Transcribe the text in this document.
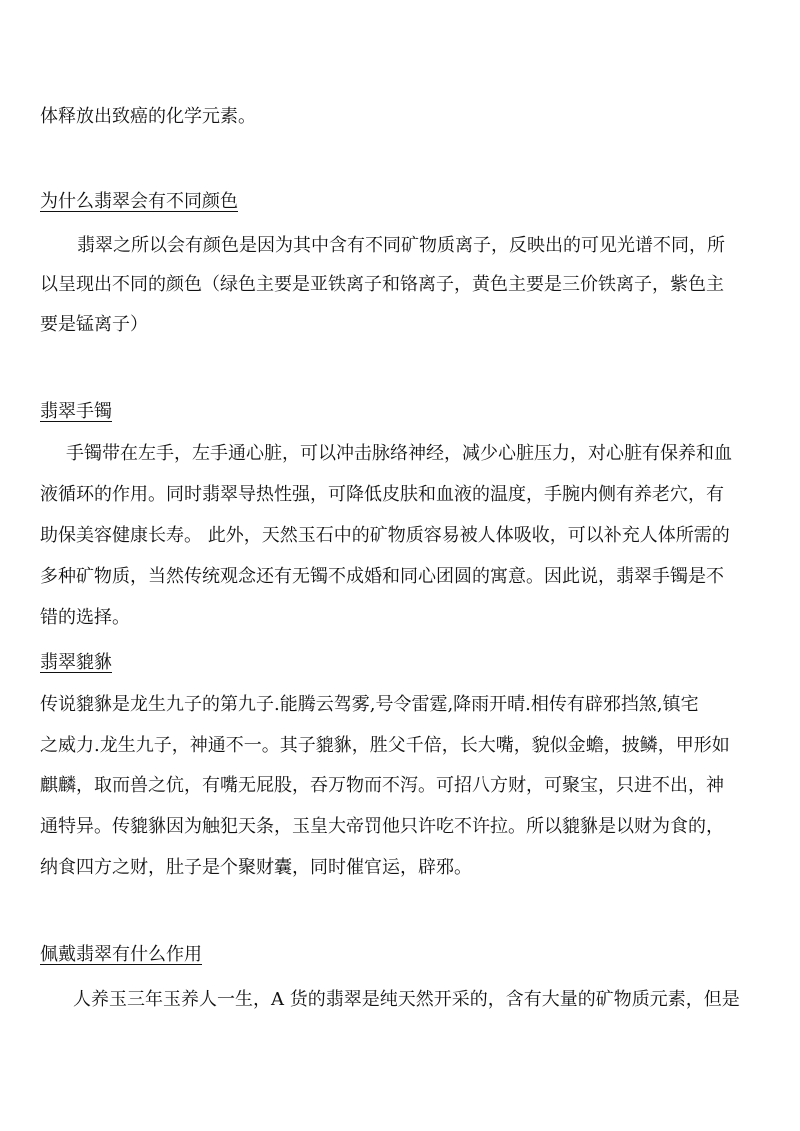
体释放出致癌的化学元素。
为什么翡翠会有不同颜色
翡翠之所以会有颜色是因为其中含有不同矿物质离子，反映出的可见光谱不同，所
以呈现出不同的颜色（绿色主要是亚铁离子和铬离子，黄色主要是三价铁离子，紫色主
要是锰离子）
翡翠手镯
手镯带在左手，左手通心脏，可以冲击脉络神经，减少心脏压力，对心脏有保养和血
液循环的作用。同时翡翠导热性强，可降低皮肤和血液的温度，手腕内侧有养老穴，有
助保美容健康长寿。 此外，天然玉石中的矿物质容易被人体吸收，可以补充人体所需的
多种矿物质，当然传统观念还有无镯不成婚和同心团圆的寓意。因此说，翡翠手镯是不
错的选择。
翡翠貔貅
传说貔貅是龙生九子的第九子.能腾云驾雾,号令雷霆,降雨开晴.相传有辟邪挡煞,镇宅
之威力.龙生九子，神通不一。其子貔貅，胜父千倍，长大嘴，貌似金蟾，披鳞，甲形如
麒麟，取而兽之伉，有嘴无屁股，吞万物而不泻。可招八方财，可聚宝，只进不出，神
通特异。传貔貅因为触犯天条，玉皇大帝罚他只许吃不许拉。所以貔貅是以财为食的，
纳食四方之财，肚子是个聚财囊，同时催官运，辟邪。
佩戴翡翠有什么作用
人养玉三年玉养人一生，A 货的翡翠是纯天然开采的，含有大量的矿物质元素，但是
